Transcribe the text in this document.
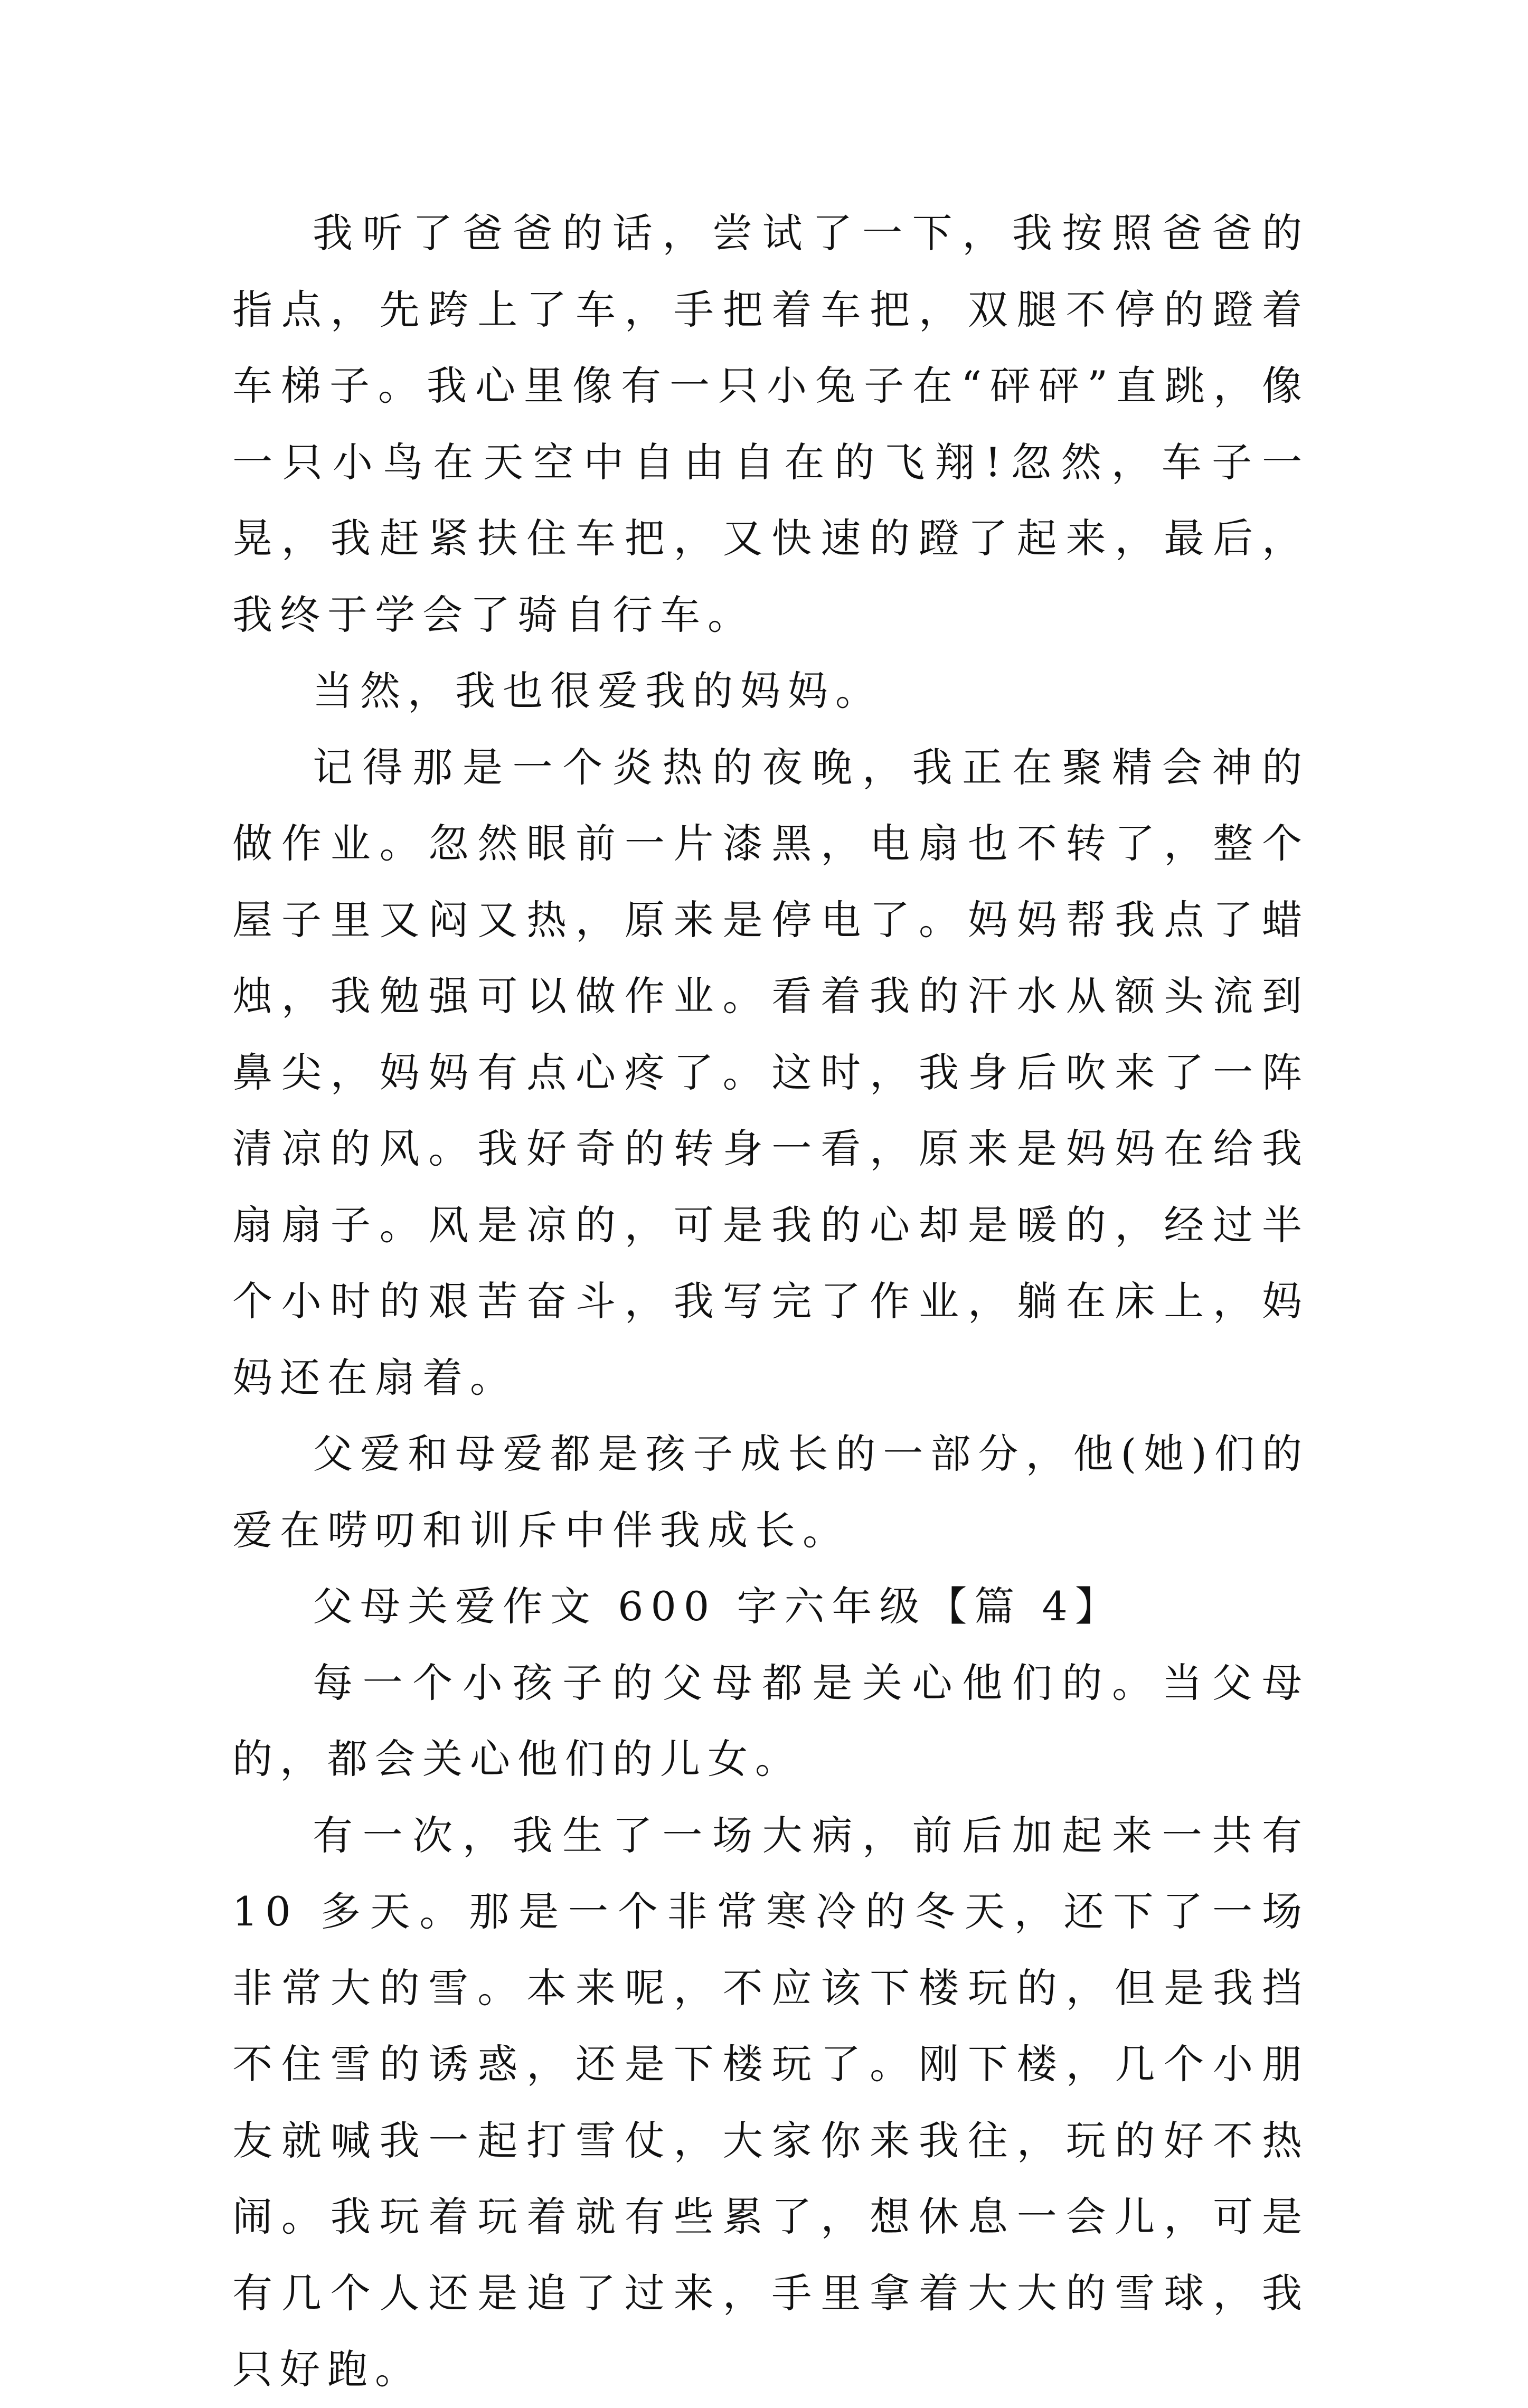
我听了爸爸的话，尝试了一下，我按照爸爸的指点，先跨上了车，手把着车把，双腿不停的蹬着车梯子。我心里像有一只小兔子在“砰砰”直跳，像一只小鸟在天空中自由自在的飞翔!忽然，车子一晃，我赶紧扶住车把，又快速的蹬了起来，最后，我终于学会了骑自行车。

当然，我也很爱我的妈妈。

记得那是一个炎热的夜晚，我正在聚精会神的做作业。忽然眼前一片漆黑，电扇也不转了，整个屋子里又闷又热，原来是停电了。妈妈帮我点了蜡烛，我勉强可以做作业。看着我的汗水从额头流到鼻尖，妈妈有点心疼了。这时，我身后吹来了一阵清凉的风。我好奇的转身一看，原来是妈妈在给我扇扇子。风是凉的，可是我的心却是暖的，经过半个小时的艰苦奋斗，我写完了作业，躺在床上，妈妈还在扇着。

父爱和母爱都是孩子成长的一部分，他(她)们的爱在唠叨和训斥中伴我成长。

父母关爱作文 600 字六年级【篇 4】

每一个小孩子的父母都是关心他们的。当父母的，都会关心他们的儿女。

有一次，我生了一场大病，前后加起来一共有 10 多天。那是一个非常寒冷的冬天，还下了一场非常大的雪。本来呢，不应该下楼玩的，但是我挡不住雪的诱惑，还是下楼玩了。刚下楼，几个小朋友就喊我一起打雪仗，大家你来我往，玩的好不热闹。我玩着玩着就有些累了，想休息一会儿，可是有几个人还是追了过来，手里拿着大大的雪球，我只好跑。
